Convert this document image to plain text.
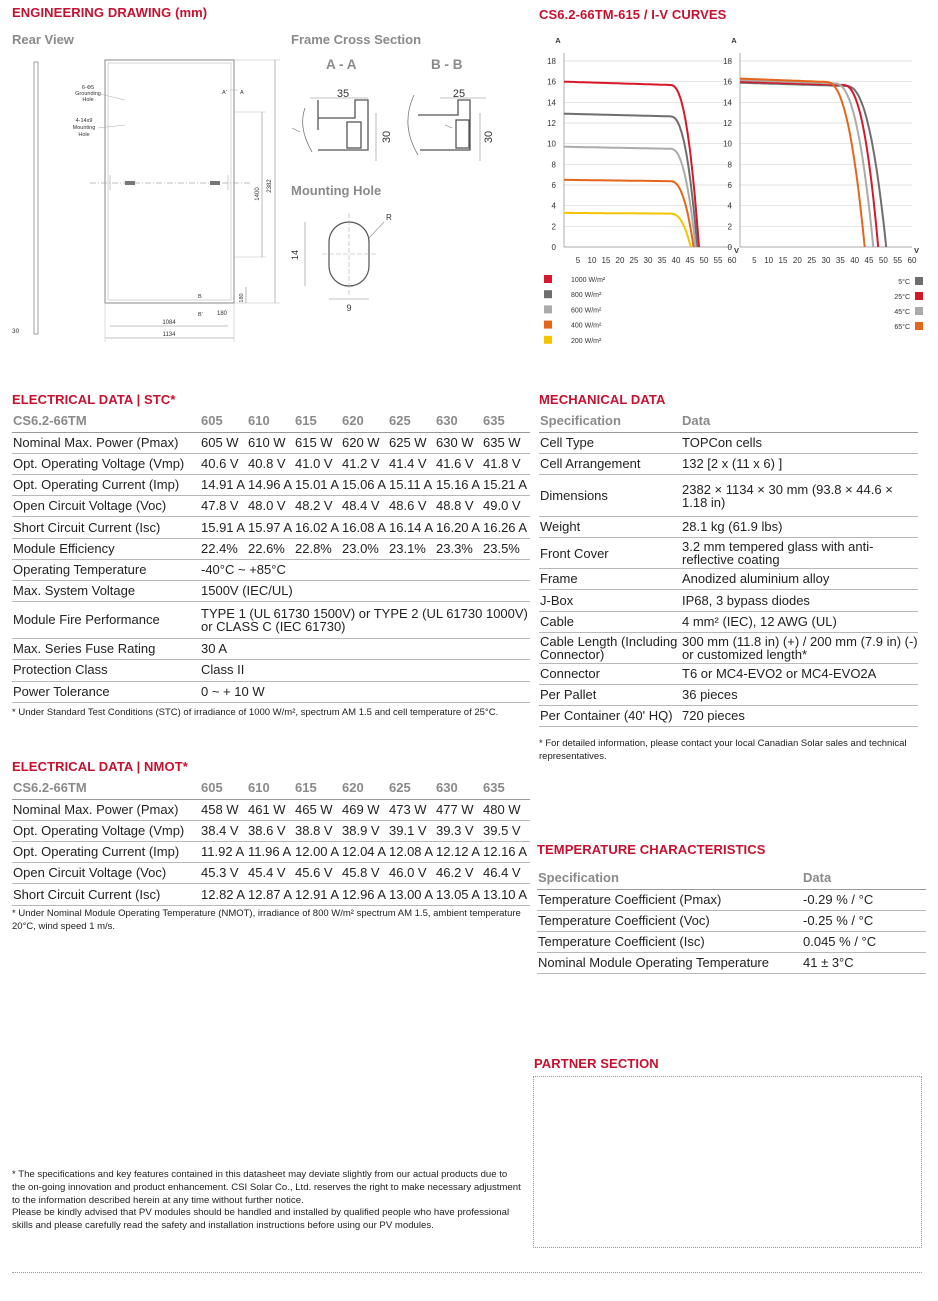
ENGINEERING DRAWING (mm)
Rear View	Frame Cross Section
Mounting Hole
A - A	B - B
30
6-Φ5
Grounding
Hole
4-14x9
Mounting
Hole
A' A
B
B'
1400
2382
180
180
1084
1134
35
30
25
30
R
14
9
CS6.2-66TM-615 / I-V CURVES
0
2
4
6
8
10
12
14
16
18
5 10 15 20 25 30 35 40 45 50 55 60
A
V
0
2
4
6
8
10
12
14
16
18
5 10 15 20 25 30 35 40 45 50 55 60
A
V
1000 W/m²
800 W/m²
600 W/m²
400 W/m²
200 W/m²
5°C
25°C
45°C
65°C
ELECTRICAL DATA | STC*
CS6.2-66TM	605	610	615	620	625	630	635
Nominal Max. Power (Pmax)	605 W	610 W	615 W	620 W	625 W	630 W	635 W
Opt. Operating Voltage (Vmp)	40.6 V	40.8 V	41.0 V	41.2 V	41.4 V	41.6 V	41.8 V
Opt. Operating Current (Imp)	14.91 A	14.96 A	15.01 A	15.06 A	15.11 A	15.16 A	15.21 A
Open Circuit Voltage (Voc)	47.8 V	48.0 V	48.2 V	48.4 V	48.6 V	48.8 V	49.0 V
Short Circuit Current (Isc)	15.91 A	15.97 A	16.02 A	16.08 A	16.14 A	16.20 A	16.26 A
Module Efficiency	22.4%	22.6%	22.8%	23.0%	23.1%	23.3%	23.5%
Operating Temperature	-40°C ~ +85°C						
Max. System Voltage	1500V (IEC/UL)						
Module Fire Performance	TYPE 1 (UL 61730 1500V) or TYPE 2 (UL 61730 1000V) or CLASS C (IEC 61730)						
Max. Series Fuse Rating	30 A						
Protection Class	Class II						
Power Tolerance	0 ~ + 10 W						
* Under Standard Test Conditions (STC) of irradiance of 1000 W/m², spectrum AM 1.5 and cell temperature of 25°C.
ELECTRICAL DATA | NMOT*
CS6.2-66TM	605	610	615	620	625	630	635
Nominal Max. Power (Pmax)	458 W	461 W	465 W	469 W	473 W	477 W	480 W
Opt. Operating Voltage (Vmp)	38.4 V	38.6 V	38.8 V	38.9 V	39.1 V	39.3 V	39.5 V
Opt. Operating Current (Imp)	11.92 A	11.96 A	12.00 A	12.04 A	12.08 A	12.12 A	12.16 A
Open Circuit Voltage (Voc)	45.3 V	45.4 V	45.6 V	45.8 V	46.0 V	46.2 V	46.4 V
Short Circuit Current (Isc)	12.82 A	12.87 A	12.91 A	12.96 A	13.00 A	13.05 A	13.10 A
* Under Nominal Module Operating Temperature (NMOT), irradiance of 800 W/m² spectrum AM 1.5, ambient temperature 20°C, wind speed 1 m/s.
MECHANICAL DATA
Specification	Data
Cell Type	TOPCon cells
Cell Arrangement	132 [2 x (11 x 6) ]
Dimensions	2382 × 1134 × 30 mm (93.8 × 44.6 × 1.18 in)
Weight	28.1 kg (61.9 lbs)
Front Cover	3.2 mm tempered glass with anti-reflective coating
Frame	Anodized aluminium alloy
J-Box	IP68, 3 bypass diodes
Cable	4 mm² (IEC), 12 AWG (UL)
Cable Length (Including Connector)	300 mm (11.8 in) (+) / 200 mm (7.9 in) (-) or customized length*
Connector	T6 or MC4-EVO2 or MC4-EVO2A
Per Pallet	36 pieces
Per Container (40' HQ)	720 pieces
* For detailed information, please contact your local Canadian Solar sales and technical representatives.
TEMPERATURE CHARACTERISTICS
Specification	Data
Temperature Coefficient (Pmax)	-0.29 % / °C
Temperature Coefficient (Voc)	-0.25 % / °C
Temperature Coefficient (Isc)	0.045 % / °C
Nominal Module Operating Temperature	41 ± 3°C
PARTNER SECTION
* The specifications and key features contained in this datasheet may deviate slightly from our actual products due to the on-going innovation and product enhancement. CSI Solar Co., Ltd. reserves the right to make necessary adjustment to the information described herein at any time without further notice.
Please be kindly advised that PV modules should be handled and installed by qualified people who have professional skills and please carefully read the safety and installation instructions before using our PV modules.
